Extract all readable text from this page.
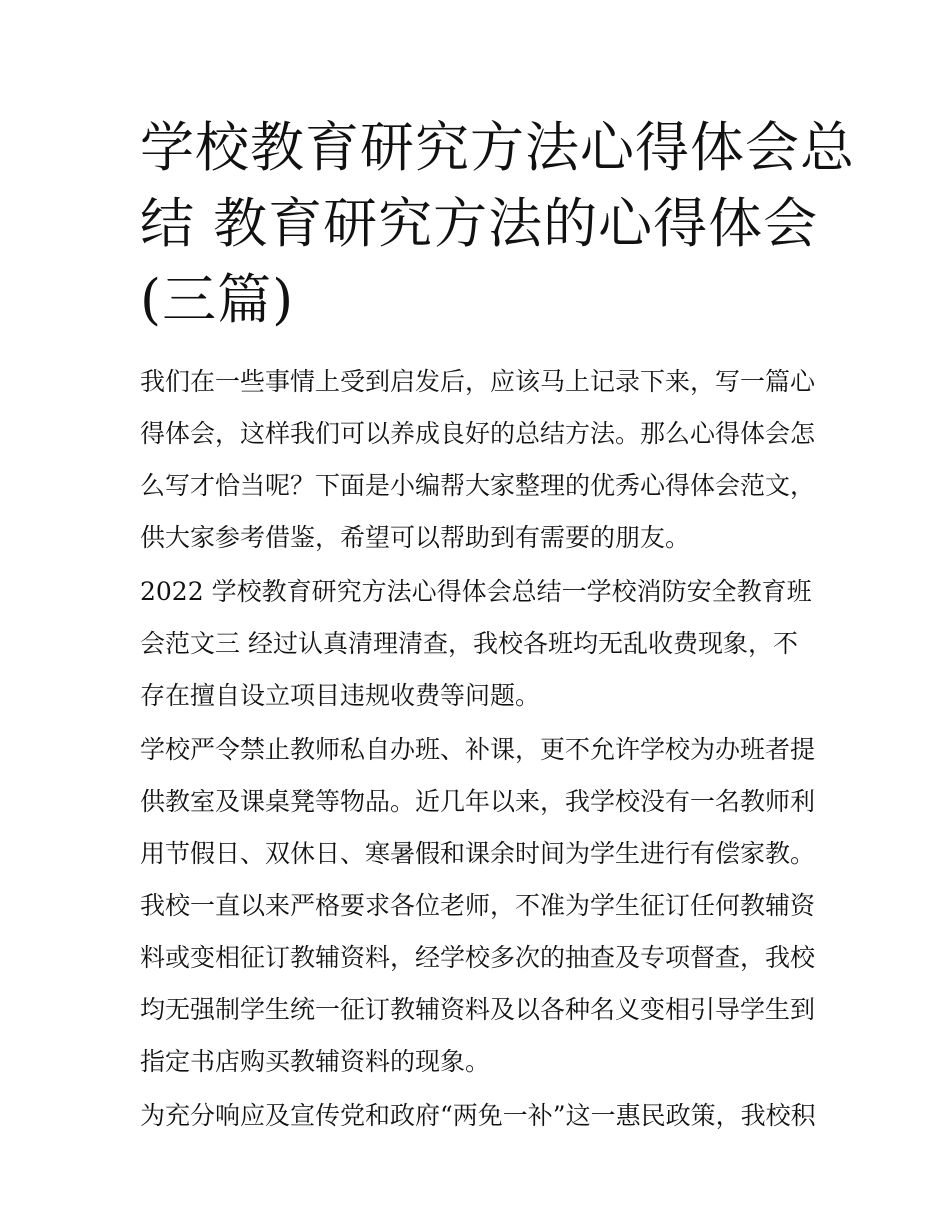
学校教育研究方法心得体会总
结 教育研究方法的心得体会
(三篇)
我们在一些事情上受到启发后，应该马上记录下来，写一篇心
得体会，这样我们可以养成良好的总结方法。那么心得体会怎
么写才恰当呢？下面是小编帮大家整理的优秀心得体会范文，
供大家参考借鉴，希望可以帮助到有需要的朋友。
2022 学校教育研究方法心得体会总结一学校消防安全教育班
会范文三 经过认真清理清查，我校各班均无乱收费现象，不
存在擅自设立项目违规收费等问题。
学校严令禁止教师私自办班、补课，更不允许学校为办班者提
供教室及课桌凳等物品。近几年以来，我学校没有一名教师利
用节假日、双休日、寒暑假和课余时间为学生进行有偿家教。
我校一直以来严格要求各位老师，不准为学生征订任何教辅资
料或变相征订教辅资料，经学校多次的抽查及专项督查，我校
均无强制学生统一征订教辅资料及以各种名义变相引导学生到
指定书店购买教辅资料的现象。
为充分响应及宣传党和政府“两免一补”这一惠民政策，我校积
